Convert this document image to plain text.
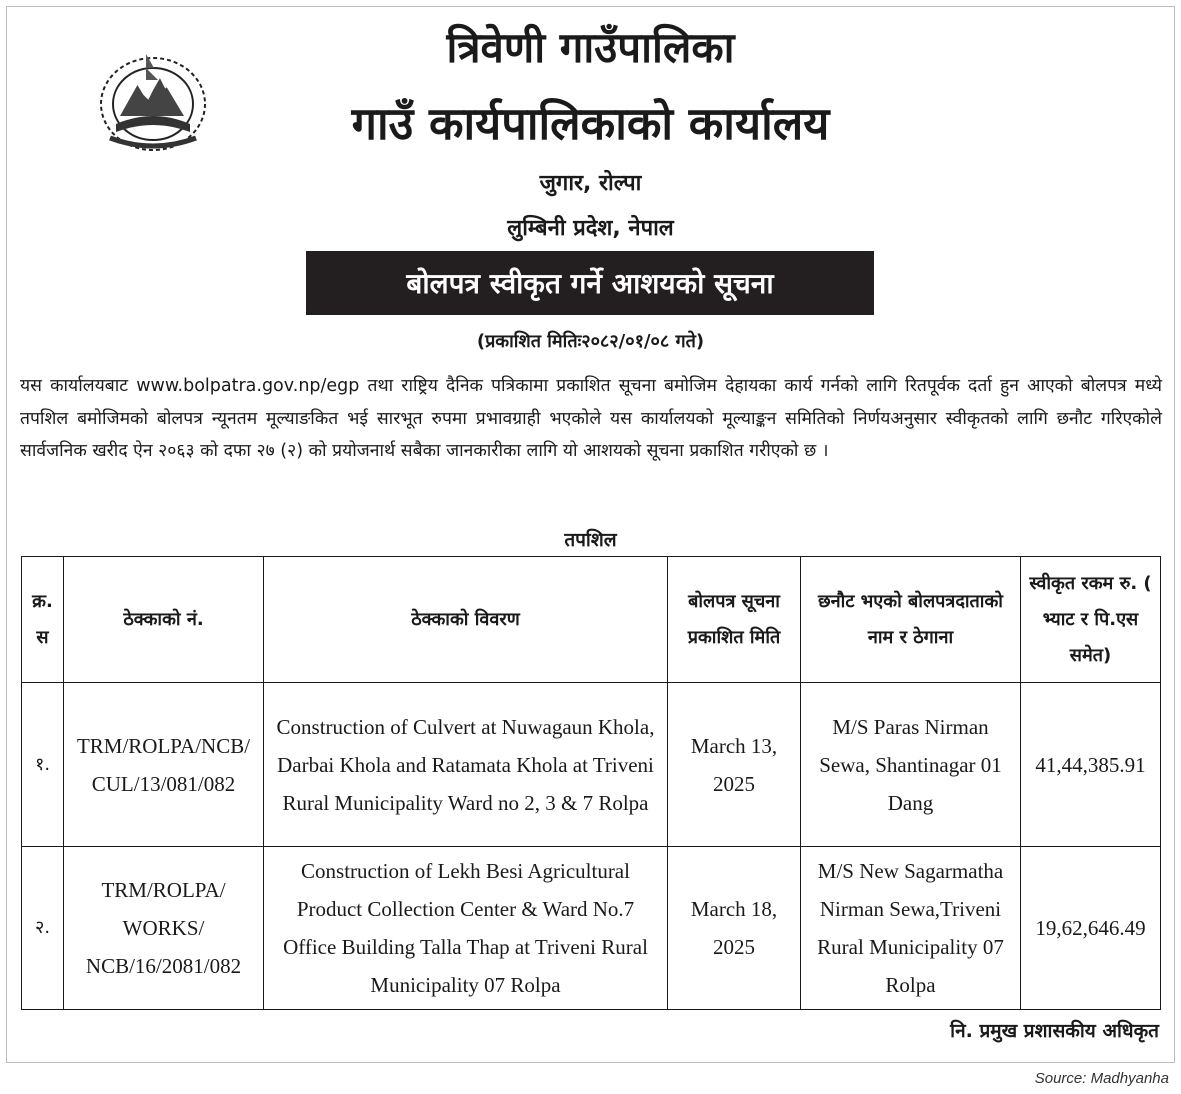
त्रिवेणी गाउँपालिका
गाउँ कार्यपालिकाको कार्यालय
जुगार, रोल्पा
लुम्बिनी प्रदेश, नेपाल
बोलपत्र स्वीकृत गर्ने आशयको सूचना
(प्रकाशित मितिः२०८२/०१/०८ गते)
यस कार्यालयबाट www.bolpatra.gov.np/egp तथा राष्ट्रिय दैनिक पत्रिकामा प्रकाशित सूचना बमोजिम देहायका कार्य गर्नको लागि रितपूर्वक दर्ता हुन आएको बोलपत्र मध्ये तपशिल बमोजिमको बोलपत्र न्यूनतम मूल्याङकित भई सारभूत रुपमा प्रभावग्राही भएकोले यस कार्यालयको मूल्याङ्कन समितिको निर्णयअनुसार स्वीकृतको लागि छनौट गरिएकोले सार्वजनिक खरीद ऐन २०६३ को दफा २७ (२) को प्रयोजनार्थ सबैका जानकारीका लागि यो आशयको सूचना प्रकाशित गरीएको छ ।
तपशिल
क्र. स	ठेक्काको नं.	ठेक्काको विवरण	बोलपत्र सूचना प्रकाशित मिति	छनौट भएको बोलपत्रदाताको नाम र ठेगाना	स्वीकृत रकम रु. ( भ्याट र पि.एस समेत)
१.	TRM/ROLPA/NCB/ CUL/13/081/082	Construction of Culvert at Nuwagaun Khola, Darbai Khola and Ratamata Khola at Triveni Rural Municipality Ward no 2, 3 & 7 Rolpa	March 13, 2025	M/S Paras Nirman Sewa, Shantinagar 01 Dang	41,44,385.91
२.	TRM/ROLPA/ WORKS/ NCB/16/2081/082	Construction of Lekh Besi Agricultural Product Collection Center & Ward No.7 Office Building Talla Thap at Triveni Rural Municipality 07 Rolpa	March 18, 2025	M/S New Sagarmatha Nirman Sewa,Triveni Rural Municipality 07 Rolpa	19,62,646.49
नि. प्रमुख प्रशासकीय अधिकृत
Source: Madhyanha
